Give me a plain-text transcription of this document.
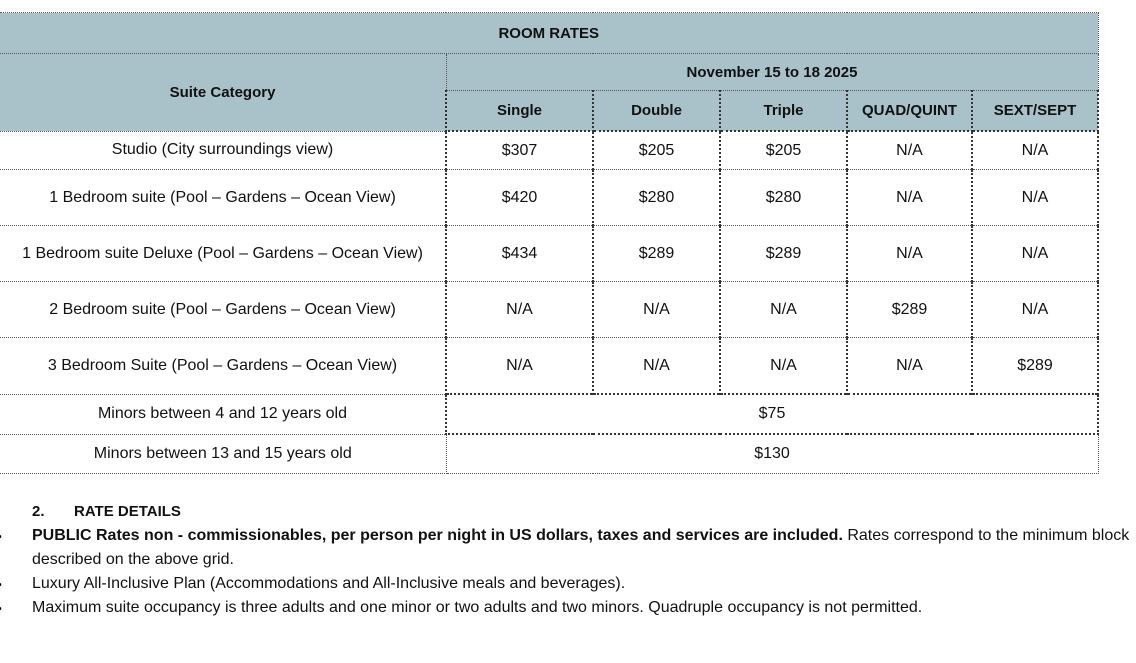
ROOM RATES					
Suite Category	November 15 to 18 2025				
	Single	Double	Triple	QUAD/QUINT	SEXT/SEPT
Studio (City surroundings view)	$307	$205	$205	N/A	N/A
1 Bedroom suite (Pool – Gardens – Ocean View)	$420	$280	$280	N/A	N/A
1 Bedroom suite Deluxe (Pool – Gardens – Ocean View)	$434	$289	$289	N/A	N/A
2 Bedroom suite (Pool – Gardens – Ocean View)	N/A	N/A	N/A	$289	N/A
3 Bedroom Suite (Pool – Gardens – Ocean View)	N/A	N/A	N/A	N/A	$289
Minors between 4 and 12 years old	$75				
Minors between 13 and 15 years old	$130				
2. RATE DETAILS
PUBLIC Rates non - commissionables, per person per night in US dollars, taxes and services are included. Rates correspond to the minimum block described on the above grid.
Luxury All-Inclusive Plan (Accommodations and All-Inclusive meals and beverages).
Maximum suite occupancy is three adults and one minor or two adults and two minors. Quadruple occupancy is not permitted.
